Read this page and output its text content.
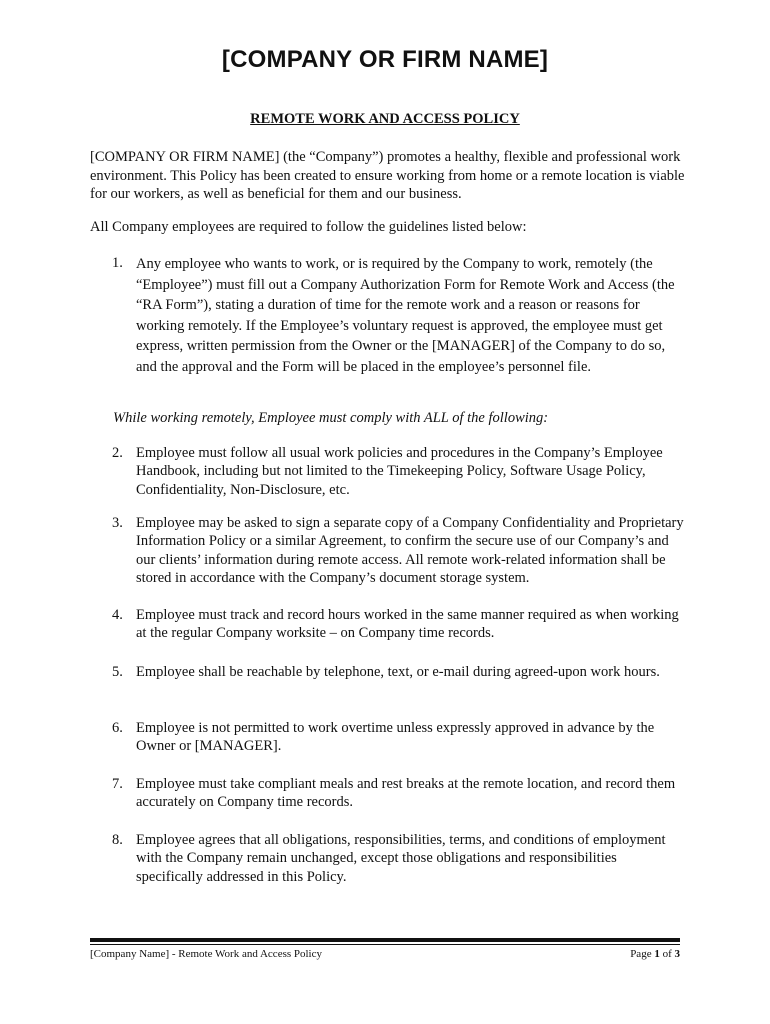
[COMPANY OR FIRM NAME]
REMOTE WORK AND ACCESS POLICY
[COMPANY OR FIRM NAME] (the “Company”) promotes a healthy, flexible and professional work environment. This Policy has been created to ensure working from home or a remote location is viable for our workers, as well as beneficial for them and our business.
All Company employees are required to follow the guidelines listed below:
1. Any employee who wants to work, or is required by the Company to work, remotely (the “Employee”) must fill out a Company Authorization Form for Remote Work and Access (the “RA Form”), stating a duration of time for the remote work and a reason or reasons for working remotely. If the Employee’s voluntary request is approved, the employee must get express, written permission from the Owner or the [MANAGER] of the Company to do so, and the approval and the Form will be placed in the employee’s personnel file.
While working remotely, Employee must comply with ALL of the following:
2. Employee must follow all usual work policies and procedures in the Company’s Employee Handbook, including but not limited to the Timekeeping Policy, Software Usage Policy, Confidentiality, Non-Disclosure, etc.
3. Employee may be asked to sign a separate copy of a Company Confidentiality and Proprietary Information Policy or a similar Agreement, to confirm the secure use of our Company’s and our clients’ information during remote access. All remote work-related information shall be stored in accordance with the Company’s document storage system.
4. Employee must track and record hours worked in the same manner required as when working at the regular Company worksite – on Company time records.
5. Employee shall be reachable by telephone, text, or e-mail during agreed-upon work hours.
6. Employee is not permitted to work overtime unless expressly approved in advance by the Owner or [MANAGER].
7. Employee must take compliant meals and rest breaks at the remote location, and record them accurately on Company time records.
8. Employee agrees that all obligations, responsibilities, terms, and conditions of employment with the Company remain unchanged, except those obligations and responsibilities specifically addressed in this Policy.
[Company Name] - Remote Work and Access Policy	Page 1 of 3
